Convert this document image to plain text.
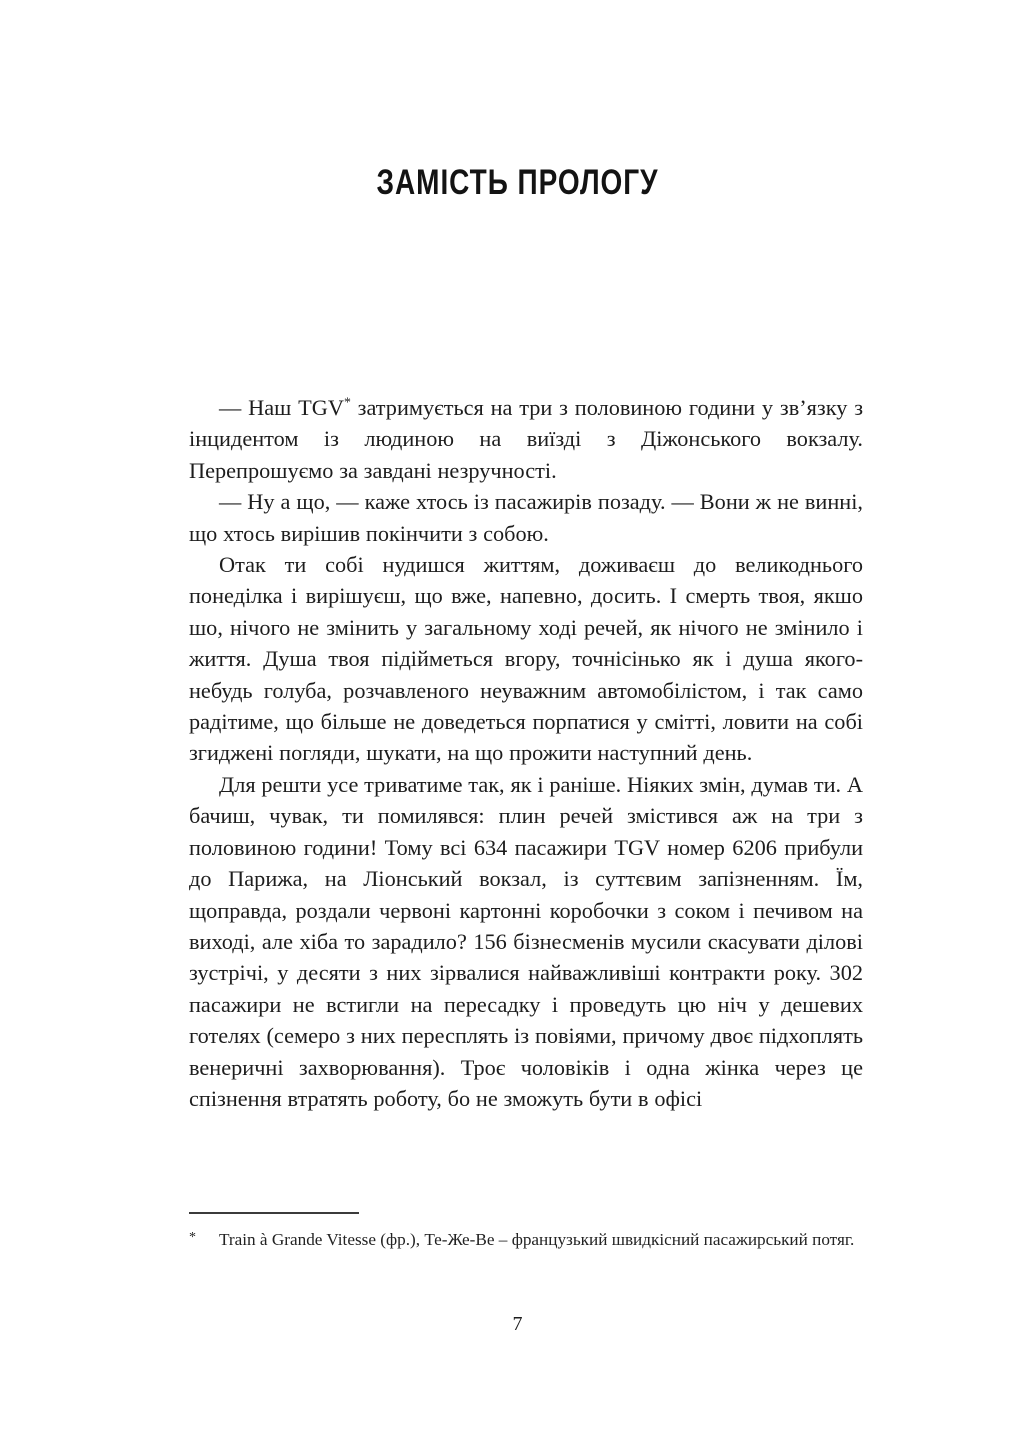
ЗАМІСТЬ ПРОЛОГУ

— Наш TGV* затримується на три з половиною години у зв’язку з інцидентом із людиною на виїзді з Діжонського вокзалу. Перепрошуємо за завдані незручності.

— Ну а що, — каже хтось із пасажирів позаду. — Вони ж не винні, що хтось вирішив покінчити з собою.

Отак ти собі нудишся життям, доживаєш до великоднього понеділка і вирішуєш, що вже, напевно, досить. І смерть твоя, якшо шо, нічого не змінить у загальному ході речей, як нічого не змінило і життя. Душа твоя підійметься вгору, точнісінько як і душа якого-небудь голуба, розчавленого неуважним автомобілістом, і так само радітиме, що більше не доведеться порпатися у смітті, ловити на собі згиджені погляди, шукати, на що прожити наступний день.

Для решти усе триватиме так, як і раніше. Ніяких змін, думав ти. А бачиш, чувак, ти помилявся: плин речей змістився аж на три з половиною години! Тому всі 634 пасажири TGV номер 6206 прибули до Парижа, на Ліонський вокзал, із суттєвим запізненням. Їм, щоправда, роздали червоні картонні коробочки з соком і печивом на виході, але хіба то зарадило? 156 бізнесменів мусили скасувати ділові зустрічі, у десяти з них зірвалися найважливіші контракти року. 302 пасажири не встигли на пересадку і проведуть цю ніч у дешевих готелях (семеро з них пересплять із повіями, причому двоє підхоплять венеричні захворювання). Троє чоловіків і одна жінка через це спізнення втратять роботу, бо не зможуть бути в офісі

* Train à Grande Vitesse (фр.), Те-Же-Ве – французький швидкісний пасажирський потяг.

7
